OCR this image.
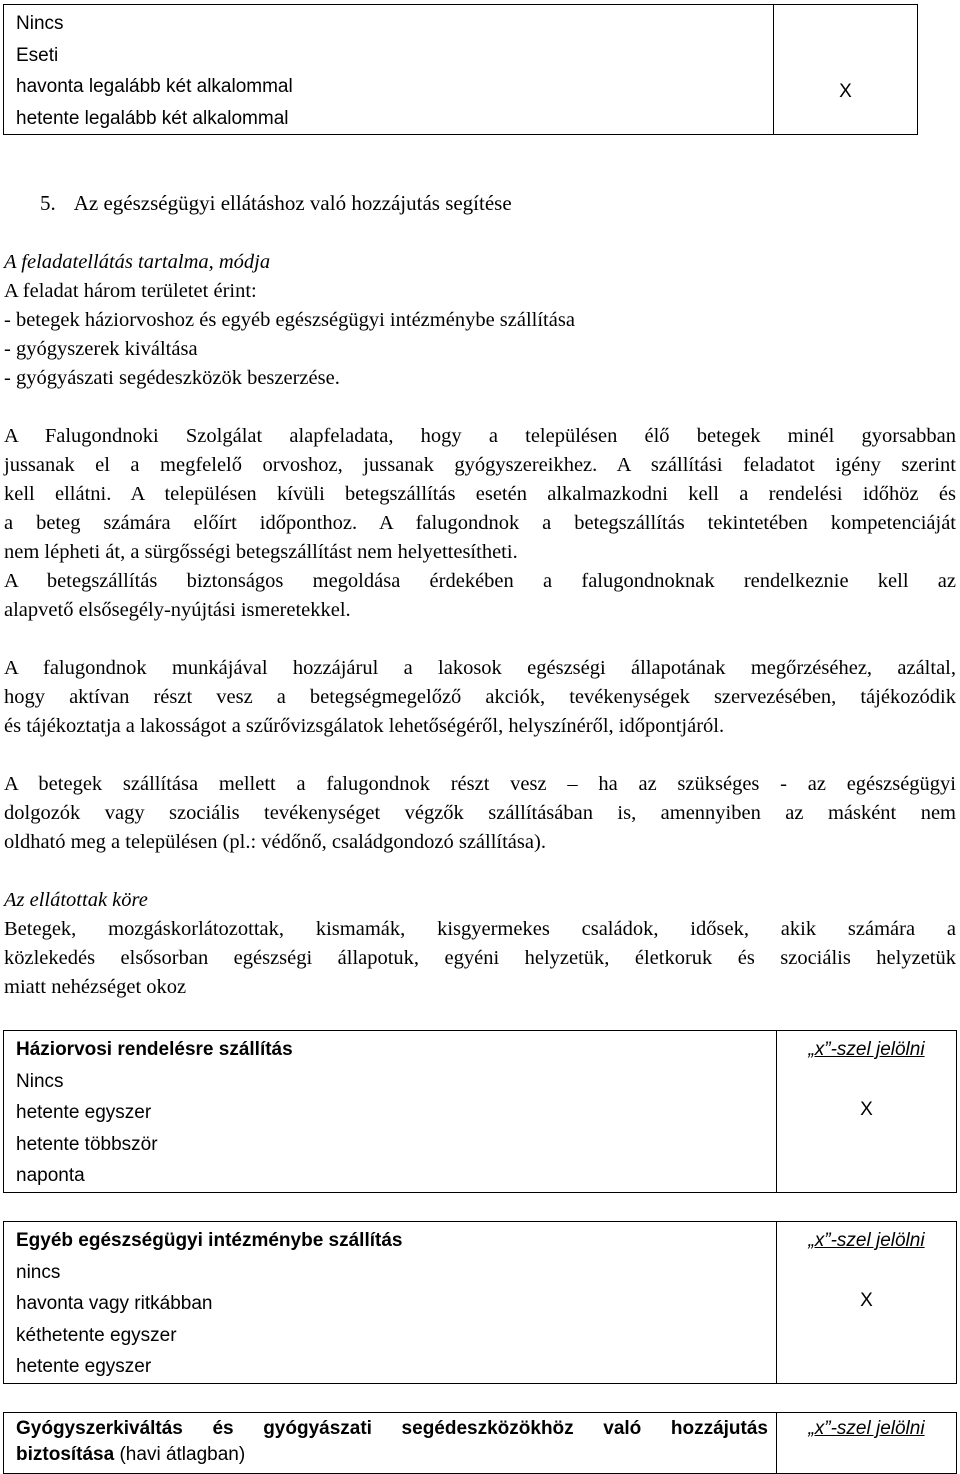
Nincs
Eseti
havonta legalább két alkalommal
hetente legalább két alkalommal

X
5. Az egészségügyi ellátáshoz való hozzájutás segítése
A feladatellátás tartalma, módja
A feladat három területet érint:
- betegek háziorvoshoz és egyéb egészségügyi intézménybe szállítása
- gyógyszerek kiváltása
- gyógyászati segédeszközök beszerzése.
A Falugondnoki Szolgálat alapfeladata, hogy a településen élő betegek minél gyorsabban
jussanak el a megfelelő orvoshoz, jussanak gyógyszereikhez. A szállítási feladatot igény szerint
kell ellátni. A településen kívüli betegszállítás esetén alkalmazkodni kell a rendelési időhöz és
a beteg számára előírt időponthoz. A falugondnok a betegszállítás tekintetében kompetenciáját
nem lépheti át, a sürgősségi betegszállítást nem helyettesítheti.
A betegszállítás biztonságos megoldása érdekében a falugondnoknak rendelkeznie kell az
alapvető elsősegély-nyújtási ismeretekkel.
A falugondnok munkájával hozzájárul a lakosok egészségi állapotának megőrzéséhez, azáltal,
hogy aktívan részt vesz a betegségmegelőző akciók, tevékenységek szervezésében, tájékozódik
és tájékoztatja a lakosságot a szűrővizsgálatok lehetőségéről, helyszínéről, időpontjáról.
A betegek szállítása mellett a falugondnok részt vesz – ha az szükséges - az egészségügyi
dolgozók vagy szociális tevékenységet végzők szállításában is, amennyiben az másként nem
oldható meg a településen (pl.: védőnő, családgondozó szállítása).
Az ellátottak köre
Betegek, mozgáskorlátozottak, kismamák, kisgyermekes családok, idősek, akik számára a
közlekedés elsősorban egészségi állapotuk, egyéni helyzetük, életkoruk és szociális helyzetük
miatt nehézséget okoz
Háziorvosi rendelésre szállítás
Nincs
hetente egyszer
hetente többször
naponta

„x”-szel jelölni
X
Egyéb egészségügyi intézménybe szállítás
nincs
havonta vagy ritkábban
kéthetente egyszer
hetente egyszer

„x”-szel jelölni
X
Gyógyszerkiváltás és gyógyászati segédeszközökhöz való hozzájutás
biztosítása (havi átlagban)

„x”-szel jelölni
